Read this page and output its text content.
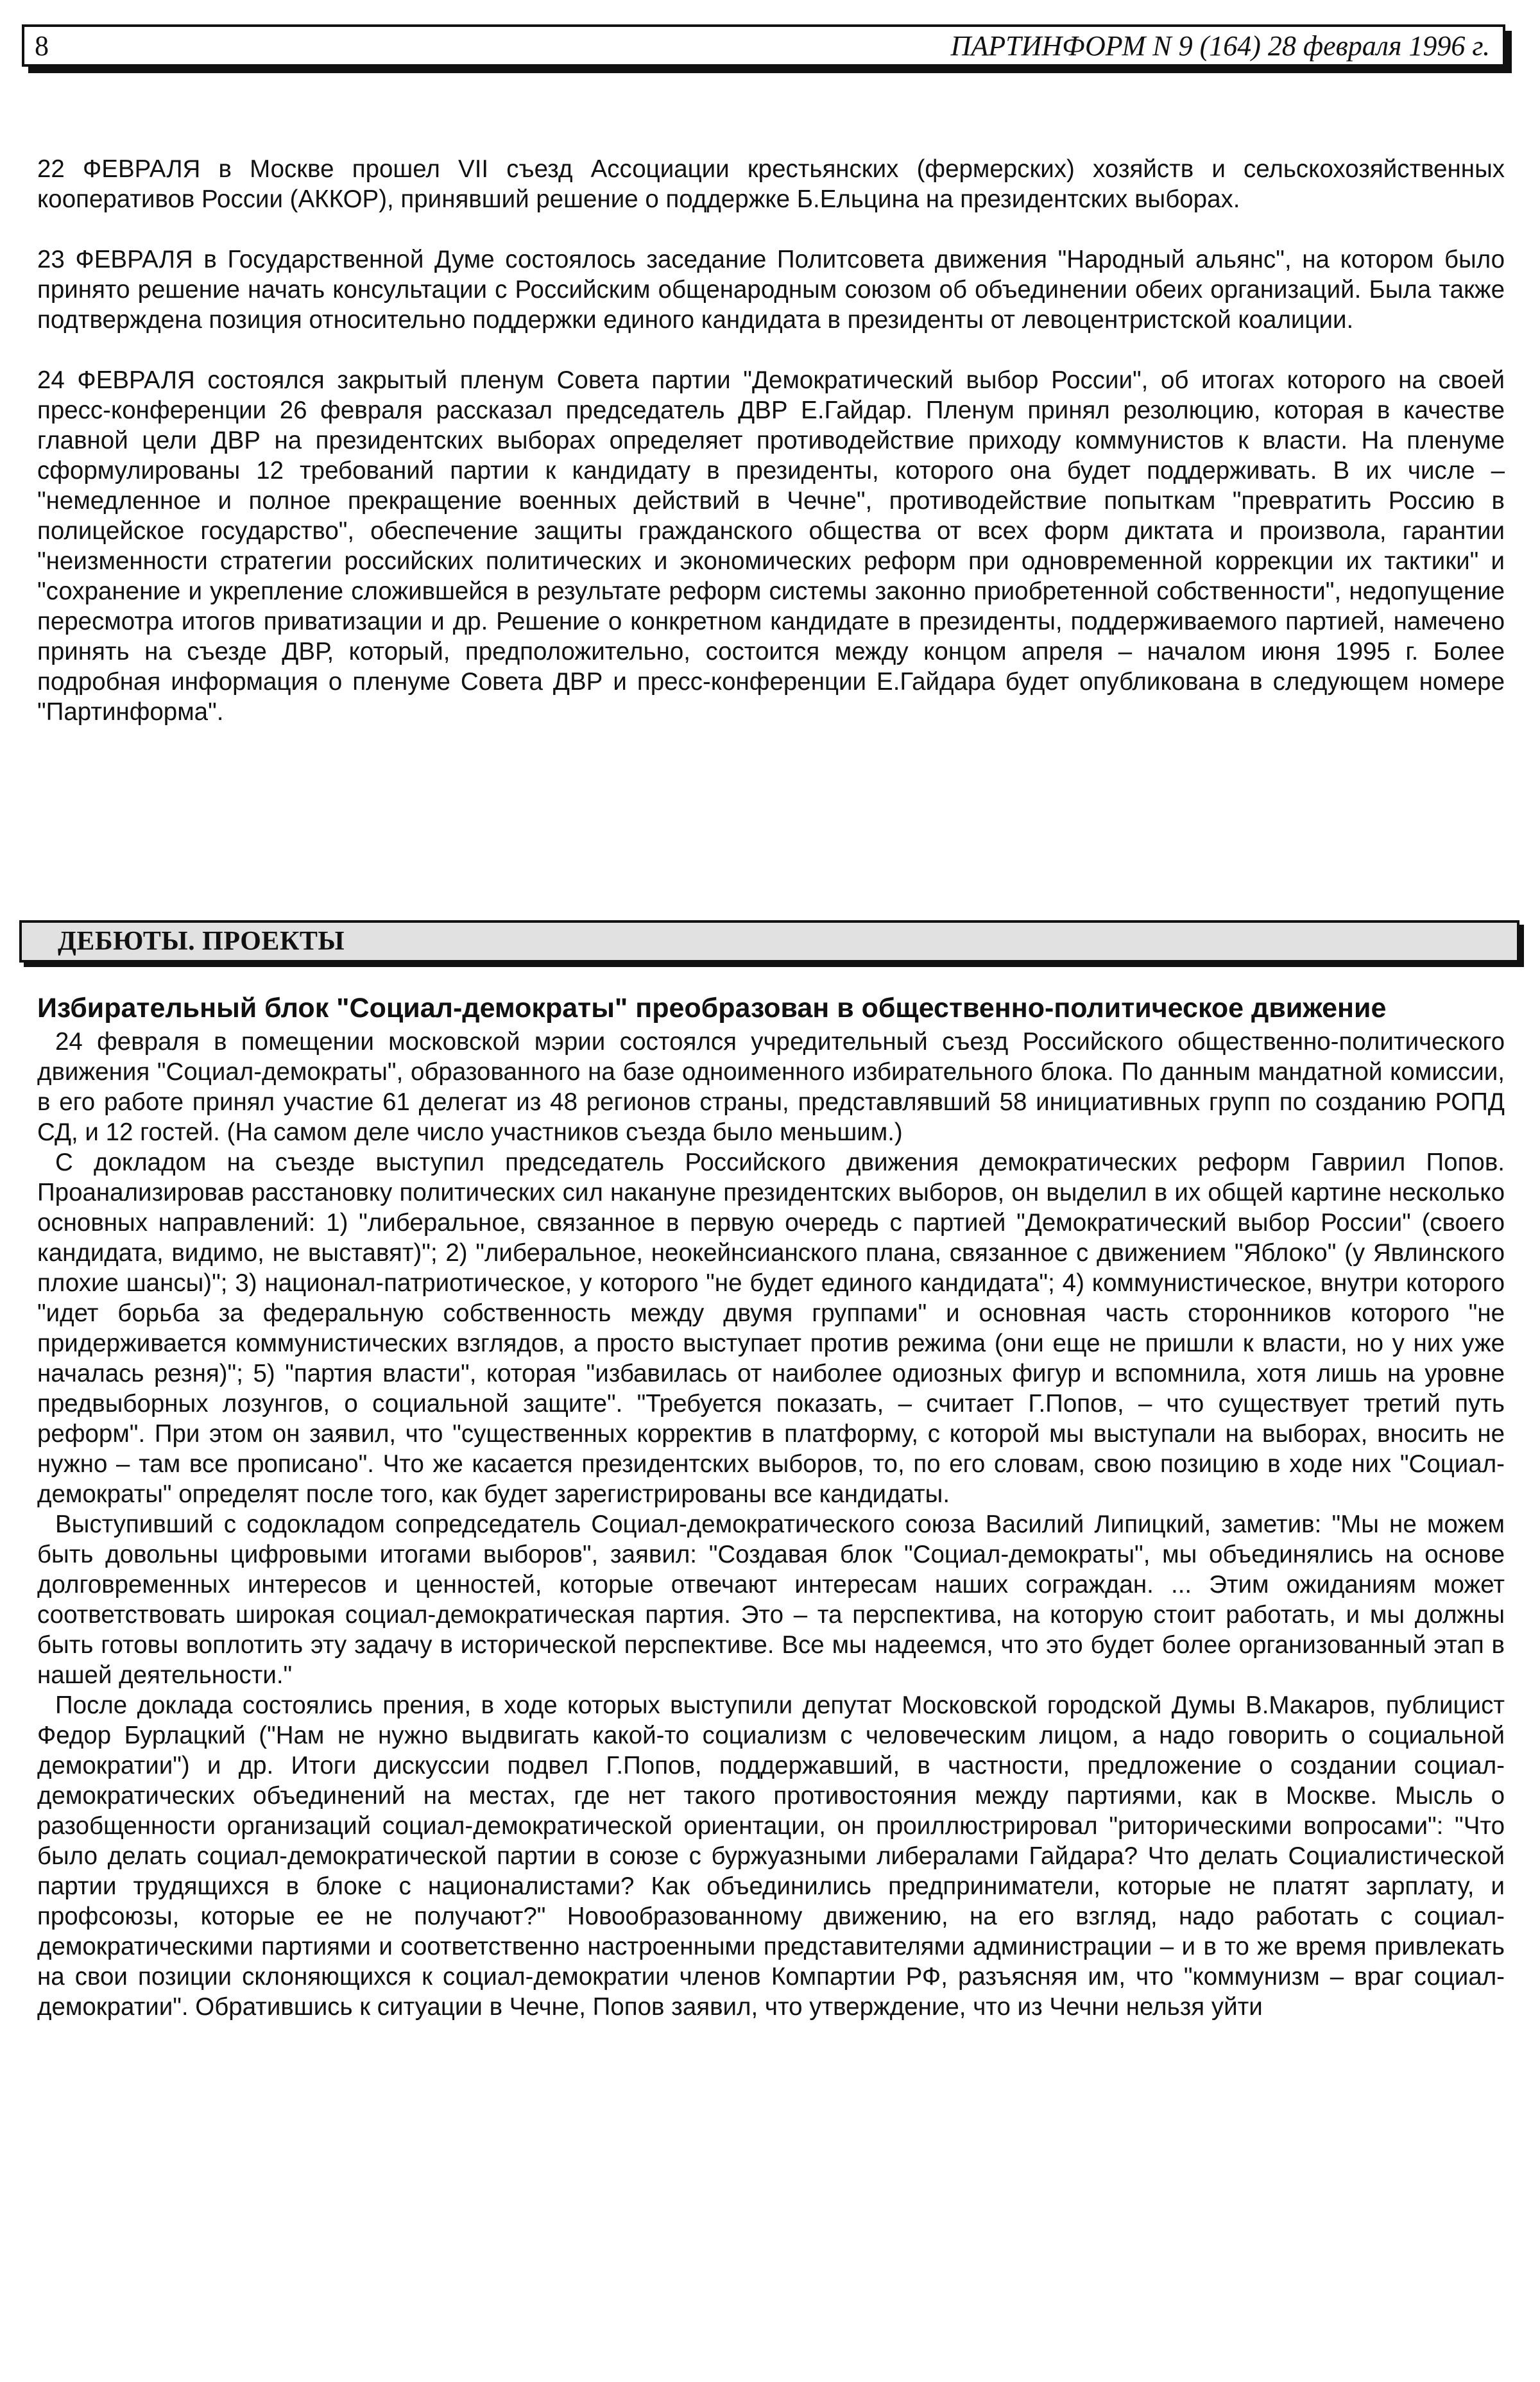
8	ПАРТИНФОРМ N 9 (164) 28 февраля 1996 г.

22 ФЕВРАЛЯ в Москве прошел VII съезд Ассоциации крестьянских (фермерских) хозяйств и сельскохозяйственных кооперативов России (АККОР), принявший решение о поддержке Б.Ельцина на президентских выборах.

23 ФЕВРАЛЯ в Государственной Думе состоялось заседание Политсовета движения "Народный альянс", на котором было принято решение начать консультации с Российским общенародным союзом об объединении обеих организаций. Была также подтверждена позиция относительно поддержки единого кандидата в президенты от левоцентристской коалиции.

24 ФЕВРАЛЯ состоялся закрытый пленум Совета партии "Демократический выбор России", об итогах которого на своей пресс-конференции 26 февраля рассказал председатель ДВР Е.Гайдар. Пленум принял резолюцию, которая в качестве главной цели ДВР на президентских выборах определяет противодействие приходу коммунистов к власти. На пленуме сформулированы 12 требований партии к кандидату в президенты, которого она будет поддерживать. В их числе – "немедленное и полное прекращение военных действий в Чечне", противодействие попыткам "превратить Россию в полицейское государство", обеспечение защиты гражданского общества от всех форм диктата и произвола, гарантии "неизменности стратегии российских политических и экономических реформ при одновременной коррекции их тактики" и "сохранение и укрепление сложившейся в результате реформ системы законно приобретенной собственности", недопущение пересмотра итогов приватизации и др. Решение о конкретном кандидате в президенты, поддерживаемого партией, намечено принять на съезде ДВР, который, предположительно, состоится между концом апреля – началом июня 1995 г. Более подробная информация о пленуме Совета ДВР и пресс-конференции Е.Гайдара будет опубликована в следующем номере "Партинформа".

ДЕБЮТЫ. ПРОЕКТЫ
Избирательный блок "Социал-демократы" преобразован в общественно-политическое движение

24 февраля в помещении московской мэрии состоялся учредительный съезд Российского общественно-политического движения "Социал-демократы", образованного на базе одноименного избирательного блока. По данным мандатной комиссии, в его работе принял участие 61 делегат из 48 регионов страны, представлявший 58 инициативных групп по созданию РОПД СД, и 12 гостей. (На самом деле число участников съезда было меньшим.)

С докладом на съезде выступил председатель Российского движения демократических реформ Гавриил Попов. Проанализировав расстановку политических сил накануне президентских выборов, он выделил в их общей картине несколько основных направлений: 1) "либеральное, связанное в первую очередь с партией "Демократический выбор России" (своего кандидата, видимо, не выставят)"; 2) "либеральное, неокейнсианского плана, связанное с движением "Яблоко" (у Явлинского плохие шансы)"; 3) национал-патриотическое, у которого "не будет единого кандидата"; 4) коммунистическое, внутри которого "идет борьба за федеральную собственность между двумя группами" и основная часть сторонников которого "не придерживается коммунистических взглядов, а просто выступает против режима (они еще не пришли к власти, но у них уже началась резня)"; 5) "партия власти", которая "избавилась от наиболее одиозных фигур и вспомнила, хотя лишь на уровне предвыборных лозунгов, о социальной защите". "Требуется показать, – считает Г.Попов, – что существует третий путь реформ". При этом он заявил, что "существенных корректив в платформу, с которой мы выступали на выборах, вносить не нужно – там все прописано". Что же касается президентских выборов, то, по его словам, свою позицию в ходе них "Социал-демократы" определят после того, как будет зарегистрированы все кандидаты.

Выступивший с содокладом сопредседатель Социал-демократического союза Василий Липицкий, заметив: "Мы не можем быть довольны цифровыми итогами выборов", заявил: "Создавая блок "Социал-демократы", мы объединялись на основе долговременных интересов и ценностей, которые отвечают интересам наших сограждан. ... Этим ожиданиям может соответствовать широкая социал-демократическая партия. Это – та перспектива, на которую стоит работать, и мы должны быть готовы воплотить эту задачу в исторической перспективе. Все мы надеемся, что это будет более организованный этап в нашей деятельности."

После доклада состоялись прения, в ходе которых выступили депутат Московской городской Думы В.Макаров, публицист Федор Бурлацкий ("Нам не нужно выдвигать какой-то социализм с человеческим лицом, а надо говорить о социальной демократии") и др. Итоги дискуссии подвел Г.Попов, поддержавший, в частности, предложение о создании социал-демократических объединений на местах, где нет такого противостояния между партиями, как в Москве. Мысль о разобщенности организаций социал-демократической ориентации, он проиллюстрировал "риторическими вопросами": "Что было делать социал-демократической партии в союзе с буржуазными либералами Гайдара? Что делать Социалистической партии трудящихся в блоке с националистами? Как объединились предприниматели, которые не платят зарплату, и профсоюзы, которые ее не получают?" Новообразованному движению, на его взгляд, надо работать с социал-демократическими партиями и соответственно настроенными представителями администрации – и в то же время привлекать на свои позиции склоняющихся к социал-демократии членов Компартии РФ, разъясняя им, что "коммунизм – враг социал-демократии". Обратившись к ситуации в Чечне, Попов заявил, что утверждение, что из Чечни нельзя уйти
